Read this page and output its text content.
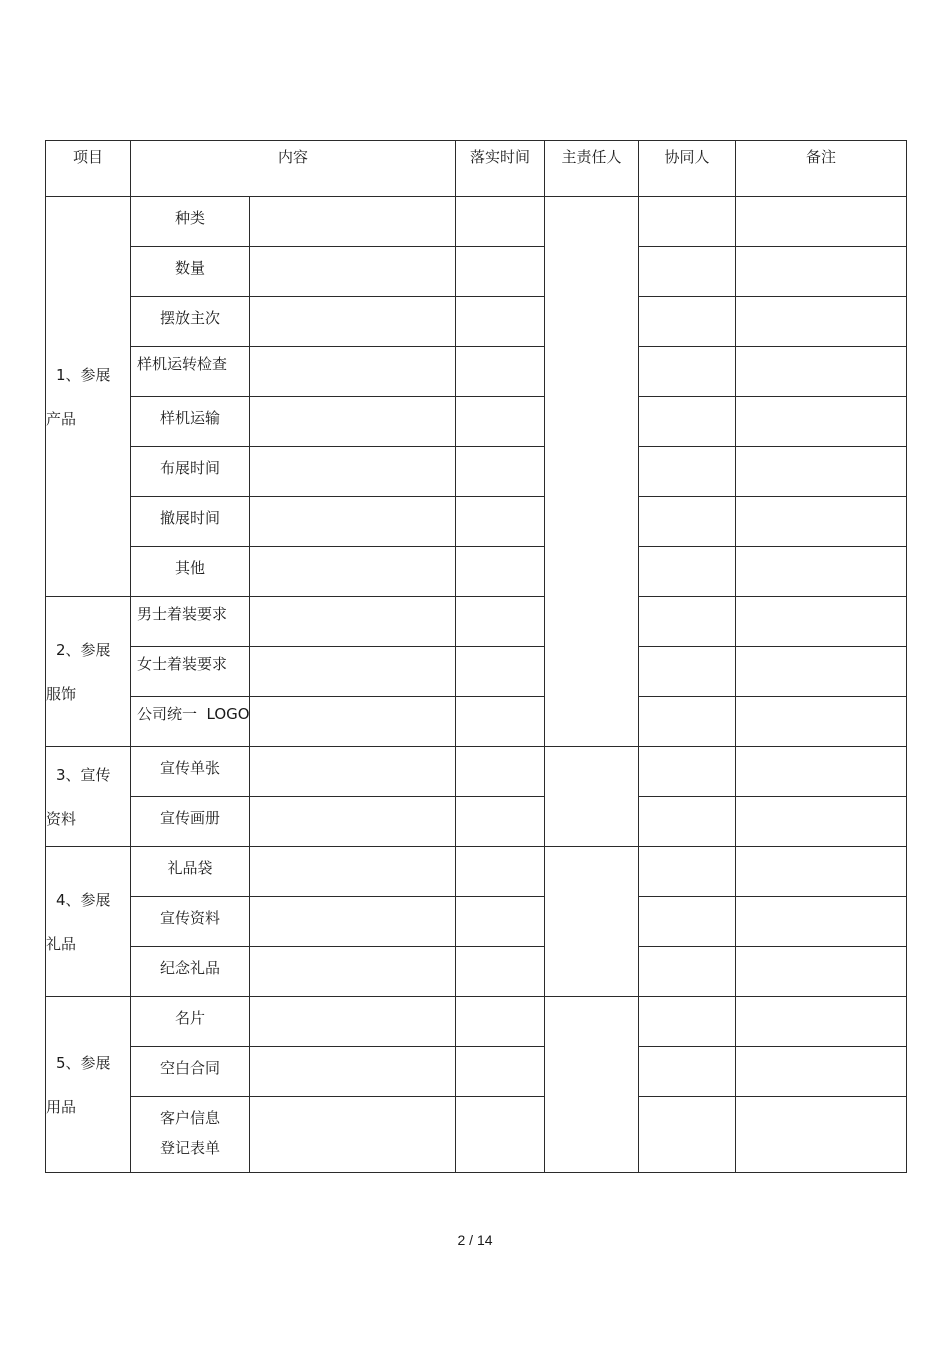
项目	内容		落实时间	主责任人	协同人	备注

1、参展
产品	种类					
	数量					
	摆放主次					
	样机运转检查					
	样机运输					
	布展时间					
	撤展时间					
	其他					

2、参展
服饰	男士着装要求					
	女士着装要求					
	公司统一  LOGO					

3、宣传
资料	宣传单张					
	宣传画册					

4、参展
礼品	礼品袋					
	宣传资料					
	纪念礼品					

5、参展
用品	名片					
	空白合同					

	客户信息
登记表单					

2 / 14
